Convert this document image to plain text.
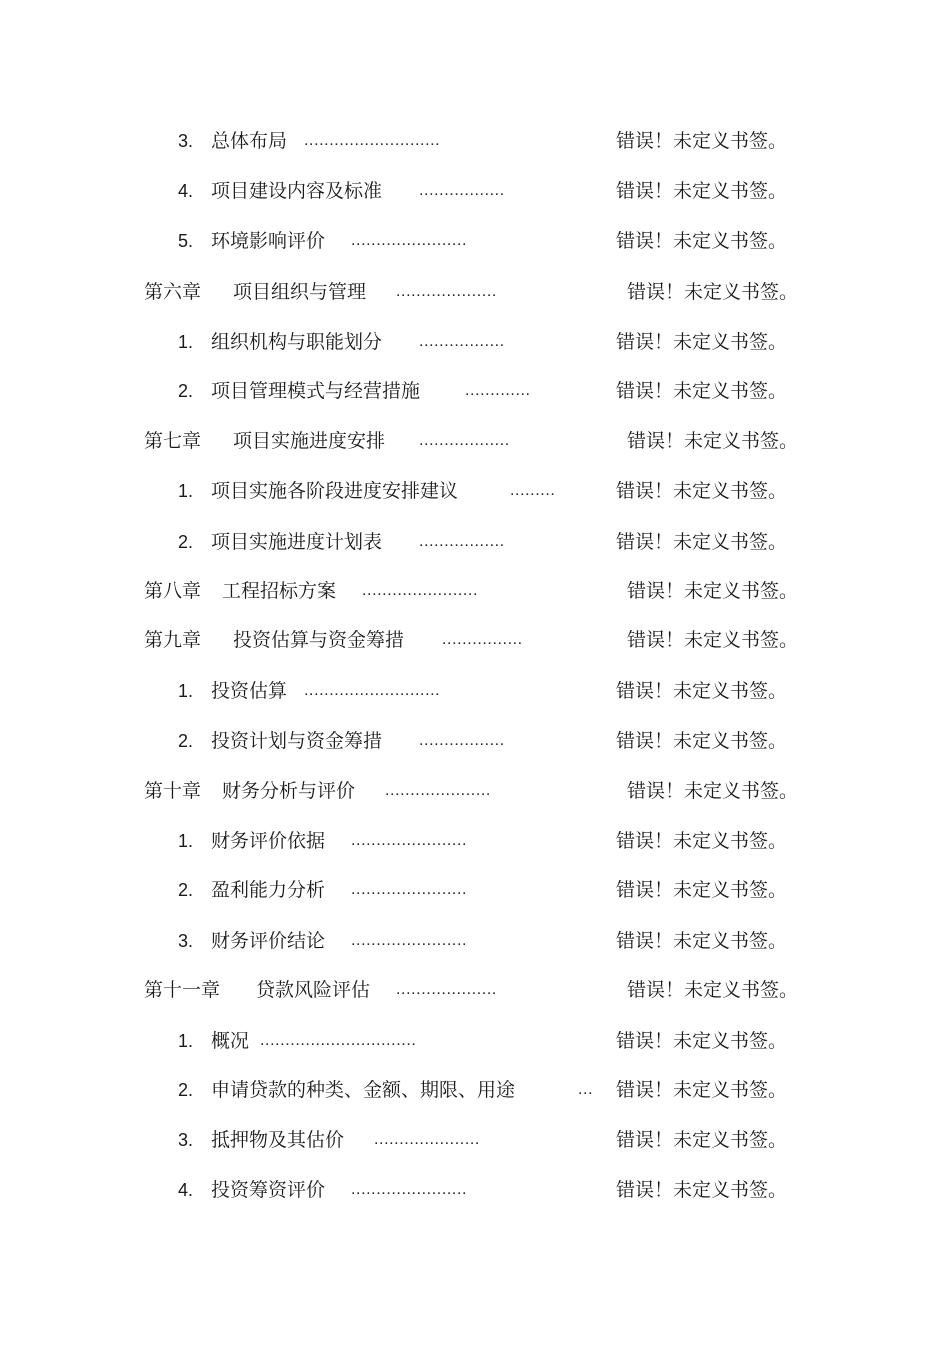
3. 总体布局 ...........................	错误！未定义书签。
4. 项目建设内容及标准 .................	错误！未定义书签。
5. 环境影响评价 .......................	错误！未定义书签。
第六章 项目组织与管理 ....................	错误！未定义书签。
1. 组织机构与职能划分 .................	错误！未定义书签。
2. 项目管理模式与经营措施	.............	错误！未定义书签。
第七章 项目实施进度安排 ..................	错误！未定义书签。
1. 项目实施各阶段进度安排建议	.........	错误！未定义书签。
2. 项目实施进度计划表 .................	错误！未定义书签。
第八章 工程招标方案 .......................	错误！未定义书签。
第九章 投资估算与资金筹措 ................	错误！未定义书签。
1. 投资估算 ...........................	错误！未定义书签。
2. 投资计划与资金筹措 .................	错误！未定义书签。
第十章 财务分析与评价 .....................	错误！未定义书签。
1. 财务评价依据 .......................	错误！未定义书签。
2. 盈利能力分析 .......................	错误！未定义书签。
3. 财务评价结论 .......................	错误！未定义书签。
第十一章 贷款风险评估 ....................	错误！未定义书签。
1. 概况 ...............................	错误！未定义书签。
2. 申请贷款的种类、金额、期限、用途	... 错误！未定义书签。
3. 抵押物及其估价 .....................	错误！未定义书签。
4. 投资筹资评价 .......................	错误！未定义书签。
